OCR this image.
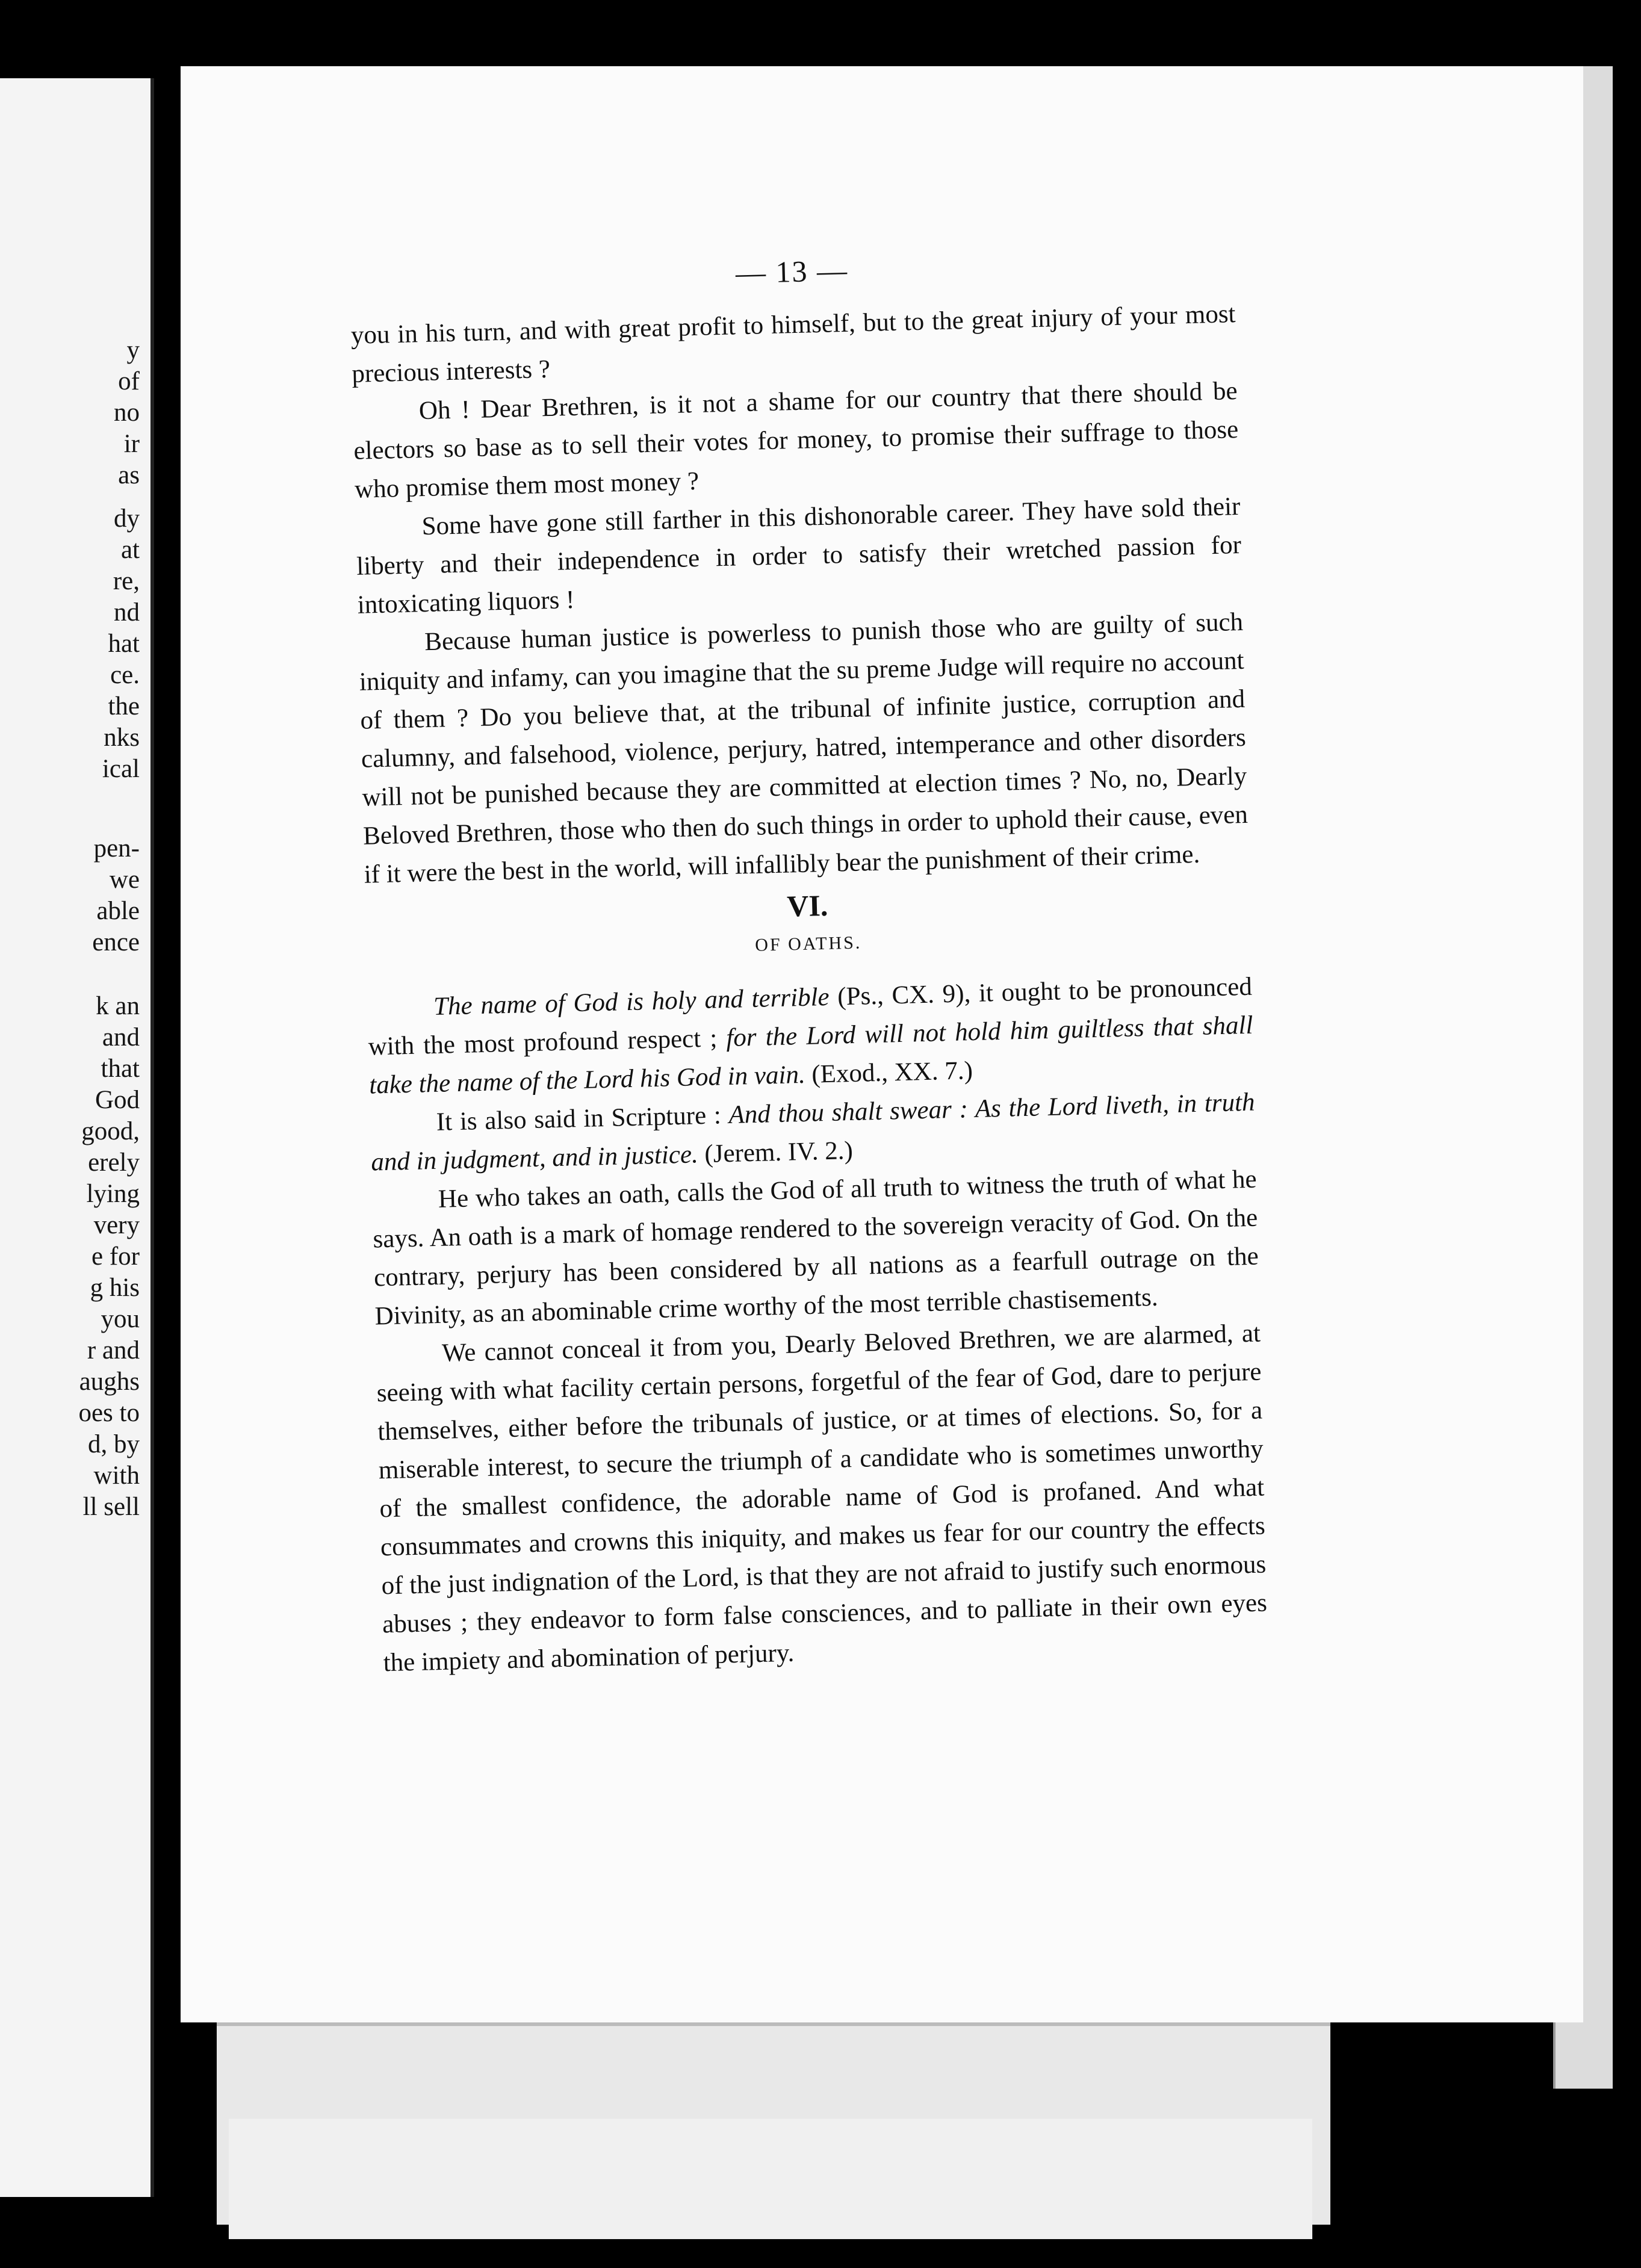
y
of
no
ir
as
dy
at
re,
nd
hat
ce.
the
nks
ical
pen-
we
able
ence
k an
and
that
God
good,
erely
lying
very
e for
g his
you
r and
aughs
oes to
d, by
with
ll sell
— 13 —

you in his turn, and with great profit to himself, but to the great injury of your most precious interests ?

Oh ! Dear Brethren, is it not a shame for our country that there should be electors so base as to sell their votes for money, to promise their suffrage to those who promise them most money ?

Some have gone still farther in this dishonorable career. They have sold their liberty and their independence in order to satisfy their wretched passion for intoxicating liquors !

Because human justice is powerless to punish those who are guilty of such iniquity and infamy, can you imagine that the su preme Judge will require no account of them ? Do you believe that, at the tribunal of infinite justice, corruption and calumny, and falsehood, violence, perjury, hatred, intemperance and other disorders will not be punished because they are committed at election times ? No, no, Dearly Beloved Brethren, those who then do such things in order to uphold their cause, even if it were the best in the world, will infallibly bear the punishment of their crime.

VI.
OF OATHS.

The name of God is holy and terrible (Ps., CX. 9), it ought to be pronounced with the most profound respect ; for the Lord will not hold him guiltless that shall take the name of the Lord his God in vain. (Exod., XX. 7.)

It is also said in Scripture : And thou shalt swear : As the Lord liveth, in truth and in judgment, and in justice. (Jerem. IV. 2.)

He who takes an oath, calls the God of all truth to witness the truth of what he says. An oath is a mark of homage rendered to the sovereign veracity of God. On the contrary, perjury has been considered by all nations as a fearfull outrage on the Divinity, as an abominable crime worthy of the most terrible chastisements.

We cannot conceal it from you, Dearly Beloved Brethren, we are alarmed, at seeing with what facility certain persons, forgetful of the fear of God, dare to perjure themselves, either before the tribunals of justice, or at times of elections. So, for a miserable interest, to secure the triumph of a candidate who is sometimes unworthy of the smallest confidence, the adorable name of God is profaned. And what consummates and crowns this iniquity, and makes us fear for our country the effects of the just indignation of the Lord, is that they are not afraid to justify such enormous abuses ; they endeavor to form false consciences, and to palliate in their own eyes the impiety and abomination of perjury.
